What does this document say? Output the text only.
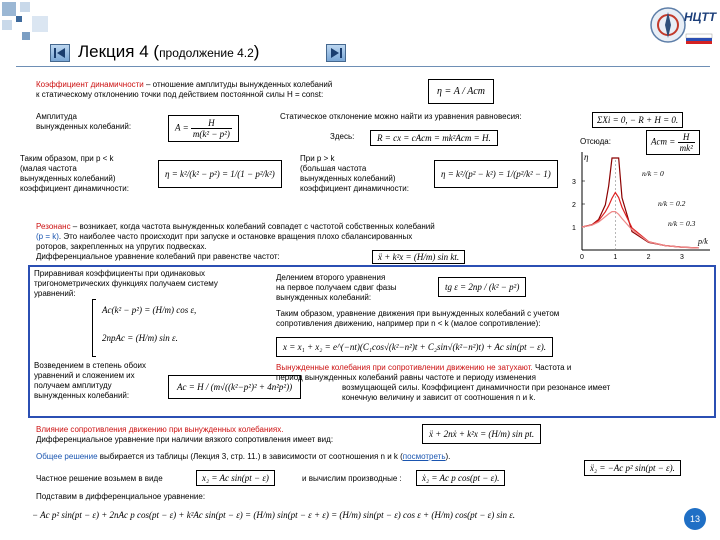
НЦТТ
Лекция 4 (продолжение 4.2)
Коэффициент динамичности – отношение амплитуды вынужденных колебаний
к статическому отклонению точки под действием постоянной силы H = const:	η = A / Aст
Амплитуда
вынужденных колебаний:	$A = \frac{H}{\text{m(k² − p²)}}$
Статическое отклонение можно найти из уравнения равновесия:	ΣXi = 0, − R + H = 0.
Здесь:	R = cx = cAст = mk²Aст = H.	Отсюда:	Aст = $\frac{H}{\text{mk²}}$
Таким образом, при p < k
(малая частота
вынужденных колебаний)
коэффициент динамичности:
η = k²/(k² − p²) = 1/(1 − p²/k²)
При p > k
(большая частота
вынужденных колебаний)
коэффициент динамичности:
η = k²/(p² − k²) = 1/(p²/k² − 1)
0	1	2	3
1
2
3
η
p/k
n/k = 0
n/k = 0.2
n/k = 0.3
Резонанс – возникает, когда частота вынужденных колебаний совпадет с частотой собственных колебаний
(p = k). Это наиболее часто происходит при запуске и остановке вращения плохо сбалансированных
роторов, закрепленных на упругих подвесках.
Дифференциальное уравнение колебаний при равенстве частот:	ẍ + k²x = (H/m) sin kt.
Приравнивая коэффициенты при одинаковых
тригонометрических функциях получаем систему
уравнений:
Ac(k² − p²) = (H/m) cos ε,
2npAc = (H/m) sin ε.
Делением второго уравнения
на первое получаем сдвиг фазы
вынужденных колебаний:
tg ε = 2np / (k² − p²)
Таким образом, уравнение движения при вынужденных колебаний с учетом
сопротивления движению, например при n < k (малое сопротивление):
x = x₁ + x₂ = e^(−nt)(C₁cos√(k²−n²)t + C₂sin√(k²−n²)t) + Ac sin(pt − ε).
Возведением в степень обоих
уравнений и сложением их
получаем амплитуду
вынужденных колебаний:
Ac = H / (m√((k²−p²)² + 4n²p²))
Вынужденные колебания при сопротивлении движению не затухают. Частота и
период вынужденных колебаний равны частоте и периоду изменения
возмущающей силы. Коэффициент динамичности при резонансе имеет
конечную величину и зависит от соотношения n и k.
Влияние сопротивления движению при вынужденных колебаниях.
Дифференциальное уравнение при наличии вязкого сопротивления имеет вид:
ẍ + 2nẋ + k²x = (H/m) sin pt.
Общее решение выбирается из таблицы (Лекция 3, стр. 11.) в зависимости от соотношения n и k (посмотреть).
Частное решение возьмем в виде	x₂ = Ac sin(pt − ε)	и вычислим производные :	ẋ₂ = Ac p cos(pt − ε).
ẍ₂ = −Ac p² sin(pt − ε).
Подставим в дифференциальное уравнение:
− Ac p² sin(pt − ε) + 2nAc p cos(pt − ε) + k²Ac sin(pt − ε) = (H/m) sin(pt − ε + ε) = (H/m) sin(pt − ε) cos ε + (H/m) cos(pt − ε) sin ε.	13
